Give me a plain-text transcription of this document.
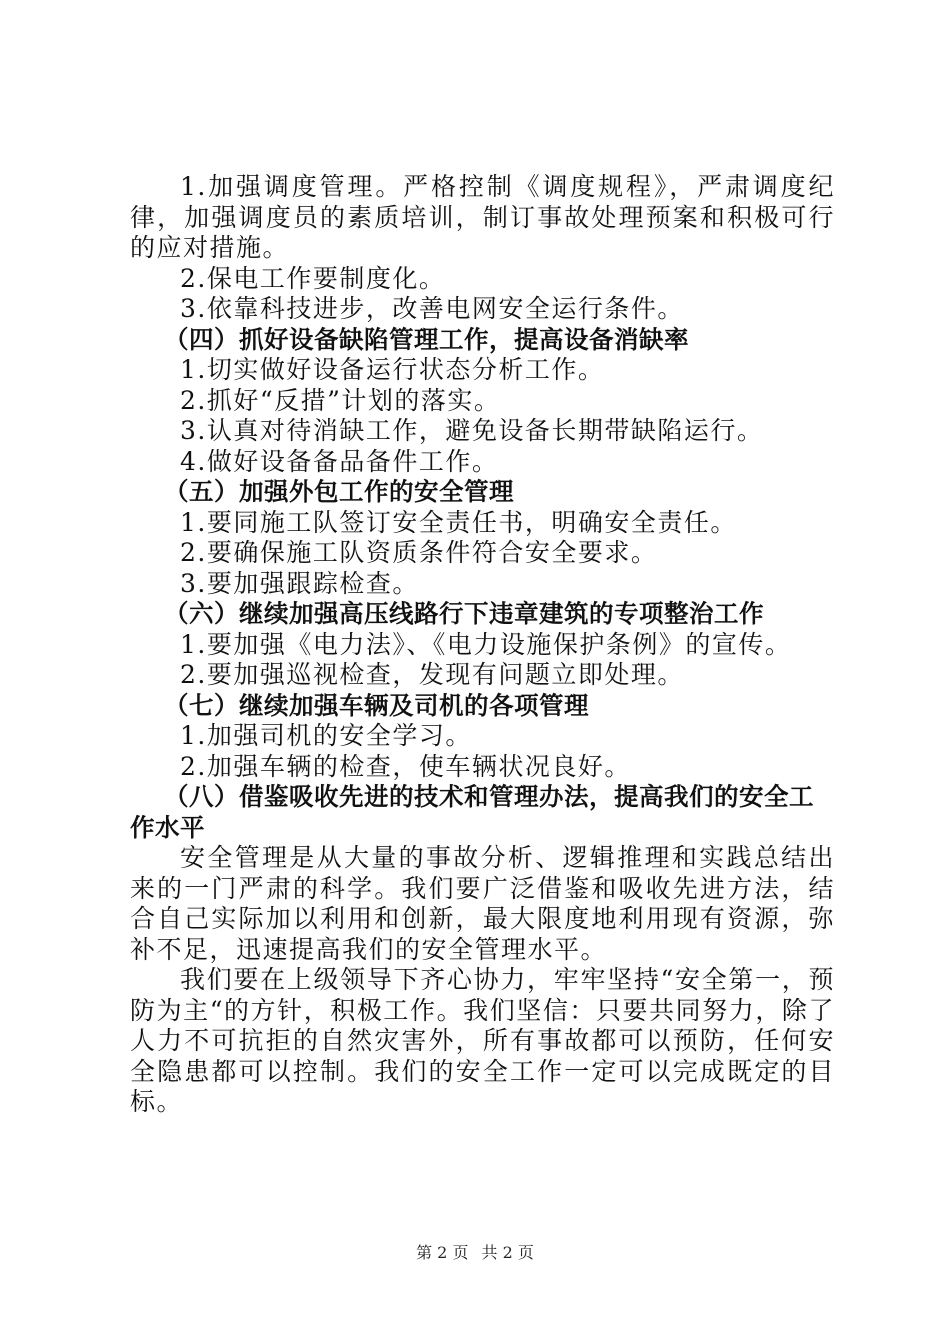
1.加强调度管理。严格控制《调度规程》，严肃调度纪律，加强调度员的素质培训，制订事故处理预案和积极可行的应对措施。

2.保电工作要制度化。

3.依靠科技进步，改善电网安全运行条件。

（四）抓好设备缺陷管理工作，提高设备消缺率

1.切实做好设备运行状态分析工作。

2.抓好“反措”计划的落实。

3.认真对待消缺工作，避免设备长期带缺陷运行。

4.做好设备备品备件工作。

（五）加强外包工作的安全管理

1.要同施工队签订安全责任书，明确安全责任。

2.要确保施工队资质条件符合安全要求。

3.要加强跟踪检查。

（六）继续加强高压线路行下违章建筑的专项整治工作

1.要加强《电力法》、《电力设施保护条例》的宣传。

2.要加强巡视检查，发现有问题立即处理。

（七）继续加强车辆及司机的各项管理

1.加强司机的安全学习。

2.加强车辆的检查，使车辆状况良好。

（八）借鉴吸收先进的技术和管理办法，提高我们的安全工作水平

安全管理是从大量的事故分析、逻辑推理和实践总结出来的一门严肃的科学。我们要广泛借鉴和吸收先进方法，结合自己实际加以利用和创新，最大限度地利用现有资源，弥补不足，迅速提高我们的安全管理水平。

我们要在上级领导下齐心协力，牢牢坚持“安全第一，预防为主“的方针，积极工作。我们坚信：只要共同努力，除了人力不可抗拒的自然灾害外，所有事故都可以预防，任何安全隐患都可以控制。我们的安全工作一定可以完成既定的目标。

第 2 页 共 2 页
